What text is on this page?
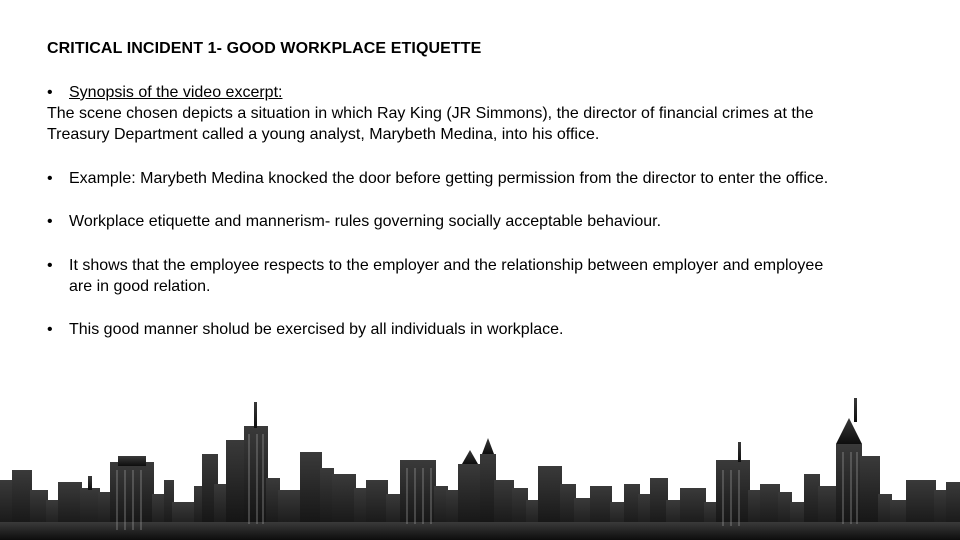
CRITICAL INCIDENT 1- GOOD WORKPLACE ETIQUETTE
• Synopsis of the video excerpt:
The scene chosen depicts a situation in which Ray King (JR Simmons), the director of financial crimes at the
Treasury Department called a young analyst, Marybeth Medina, into his office.
• Example: Marybeth Medina knocked the door before getting permission from the director to enter the office.
• Workplace etiquette and mannerism- rules governing socially acceptable behaviour.
• It shows that the employee respects to the employer and the relationship between employer and employee
are in good relation.
• This good manner sholud be exercised by all individuals in workplace.
